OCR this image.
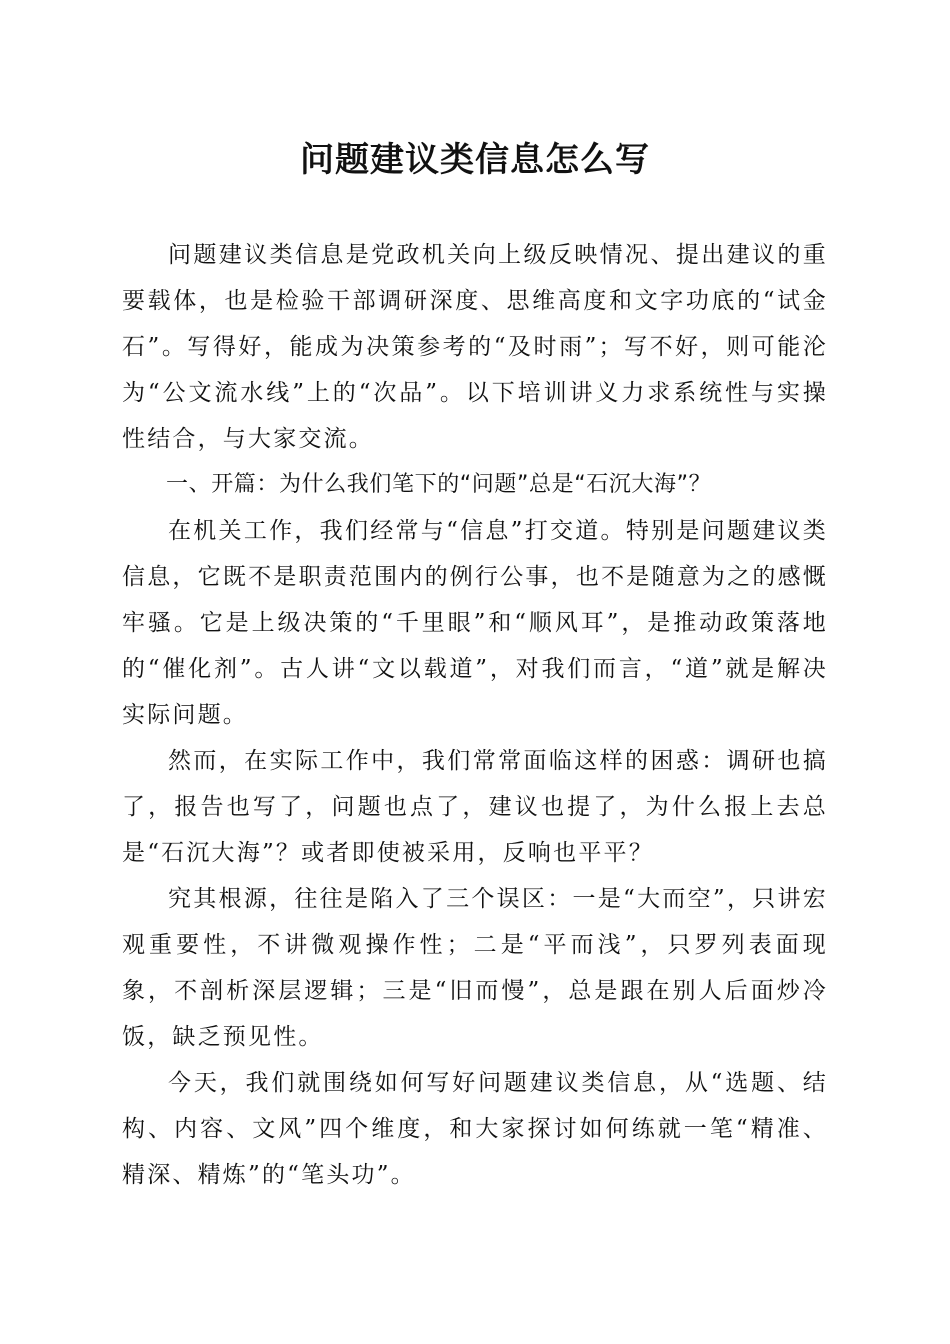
问题建议类信息怎么写

问题建议类信息是党政机关向上级反映情况、提出建议的重要载体，也是检验干部调研深度、思维高度和文字功底的“试金石”。写得好，能成为决策参考的“及时雨”；写不好，则可能沦为“公文流水线”上的“次品”。以下培训讲义力求系统性与实操性结合，与大家交流。

一、开篇：为什么我们笔下的“问题”总是“石沉大海”？

在机关工作，我们经常与“信息”打交道。特别是问题建议类信息，它既不是职责范围内的例行公事，也不是随意为之的感慨牢骚。它是上级决策的“千里眼”和“顺风耳”，是推动政策落地的“催化剂”。古人讲“文以载道”，对我们而言，“道”就是解决实际问题。

然而，在实际工作中，我们常常面临这样的困惑：调研也搞了，报告也写了，问题也点了，建议也提了，为什么报上去总是“石沉大海”？或者即使被采用，反响也平平？

究其根源，往往是陷入了三个误区：一是“大而空”，只讲宏观重要性，不讲微观操作性；二是“平而浅”，只罗列表面现象，不剖析深层逻辑；三是“旧而慢”，总是跟在别人后面炒冷饭，缺乏预见性。

今天，我们就围绕如何写好问题建议类信息，从“选题、结构、内容、文风”四个维度，和大家探讨如何练就一笔“精准、精深、精炼”的“笔头功”。
